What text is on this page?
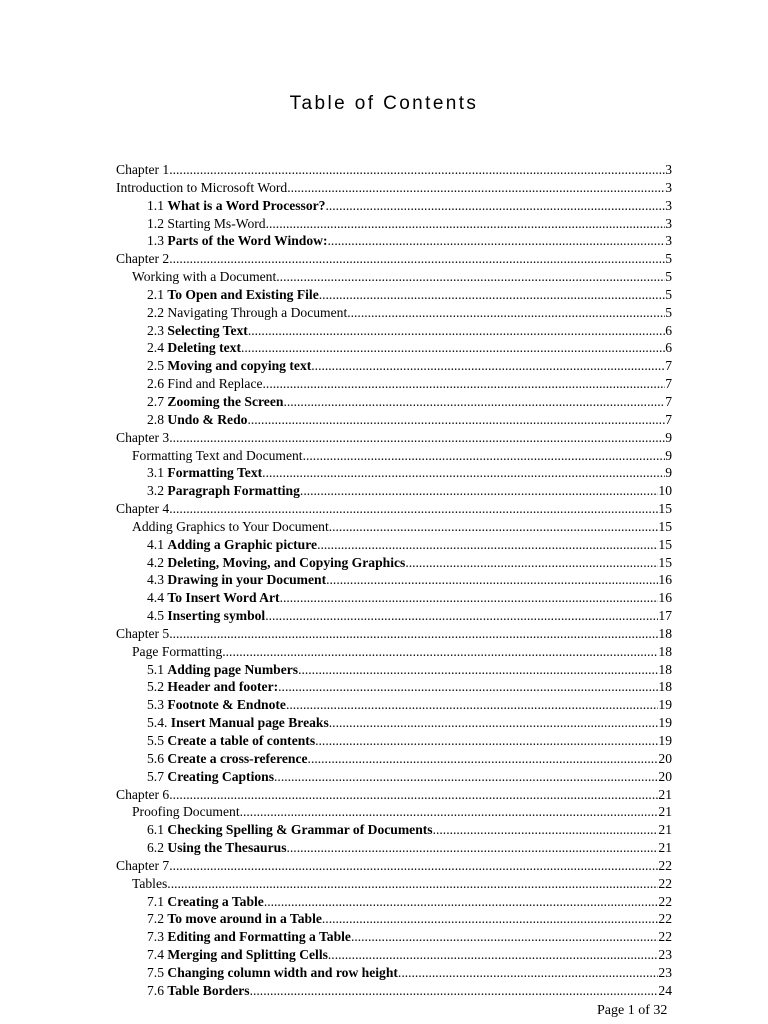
Table of Contents
Chapter 1 .....	3
Introduction to Microsoft Word .....	3
1.1 What is a Word Processor? .....	3
1.2 Starting Ms-Word .....	3
1.3 Parts of the Word Window: .....	3
Chapter 2 .....	5
Working with a Document .....	5
2.1 To Open and Existing File .....	5
2.2 Navigating Through a Document .....	5
2.3 Selecting Text .....	6
2.4 Deleting text .....	6
2.5 Moving and copying text .....	7
2.6 Find and Replace .....	7
2.7 Zooming the Screen .....	7
2.8 Undo & Redo .....	7
Chapter 3 .....	9
Formatting Text and Document .....	9
3.1 Formatting Text .....	9
3.2 Paragraph Formatting .....	10
Chapter 4 .....	15
Adding Graphics to Your Document .....	15
4.1 Adding a Graphic picture .....	15
4.2 Deleting, Moving, and Copying Graphics .....	15
4.3 Drawing in your Document .....	16
4.4 To Insert Word Art .....	16
4.5 Inserting symbol .....	17
Chapter 5 .....	18
Page Formatting .....	18
5.1 Adding page Numbers .....	18
5.2 Header and footer: .....	18
5.3 Footnote & Endnote .....	19
5.4. Insert Manual page Breaks .....	19
5.5 Create a table of contents .....	19
5.6 Create a cross-reference .....	20
5.7 Creating Captions .....	20
Chapter 6 .....	21
Proofing Document .....	21
6.1 Checking Spelling & Grammar of Documents .....	21
6.2 Using the Thesaurus .....	21
Chapter 7 .....	22
Tables .....	22
7.1 Creating a Table .....	22
7.2 To move around in a Table .....	22
7.3 Editing and Formatting a Table .....	22
7.4 Merging and Splitting Cells .....	23
7.5 Changing column width and row height .....	23
7.6 Table Borders .....	24
Page 1 of 32
